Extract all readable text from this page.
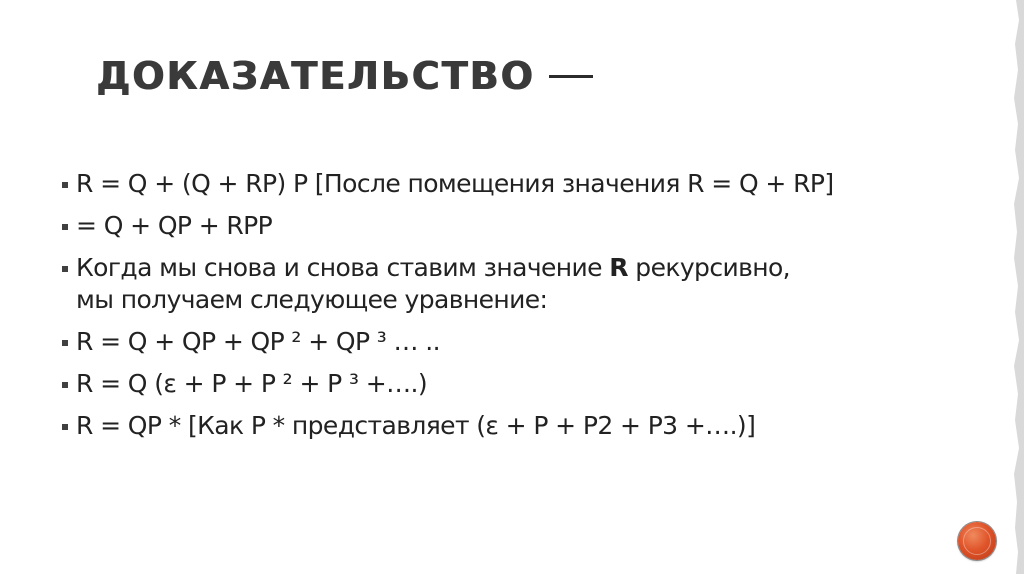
ДОКАЗАТЕЛЬСТВО
R = Q + (Q + RP) P [После помещения значения R = Q + RP]
= Q + QP + RPP
Когда мы снова и снова ставим значение R рекурсивно,
мы получаем следующее уравнение:
R = Q + QP + QP ² + QP ³ … ..
R = Q (ε + P + P ² + P ³ +….)
R = QP * [Как P * представляет (ε + P + P2 + P3 +….)]
